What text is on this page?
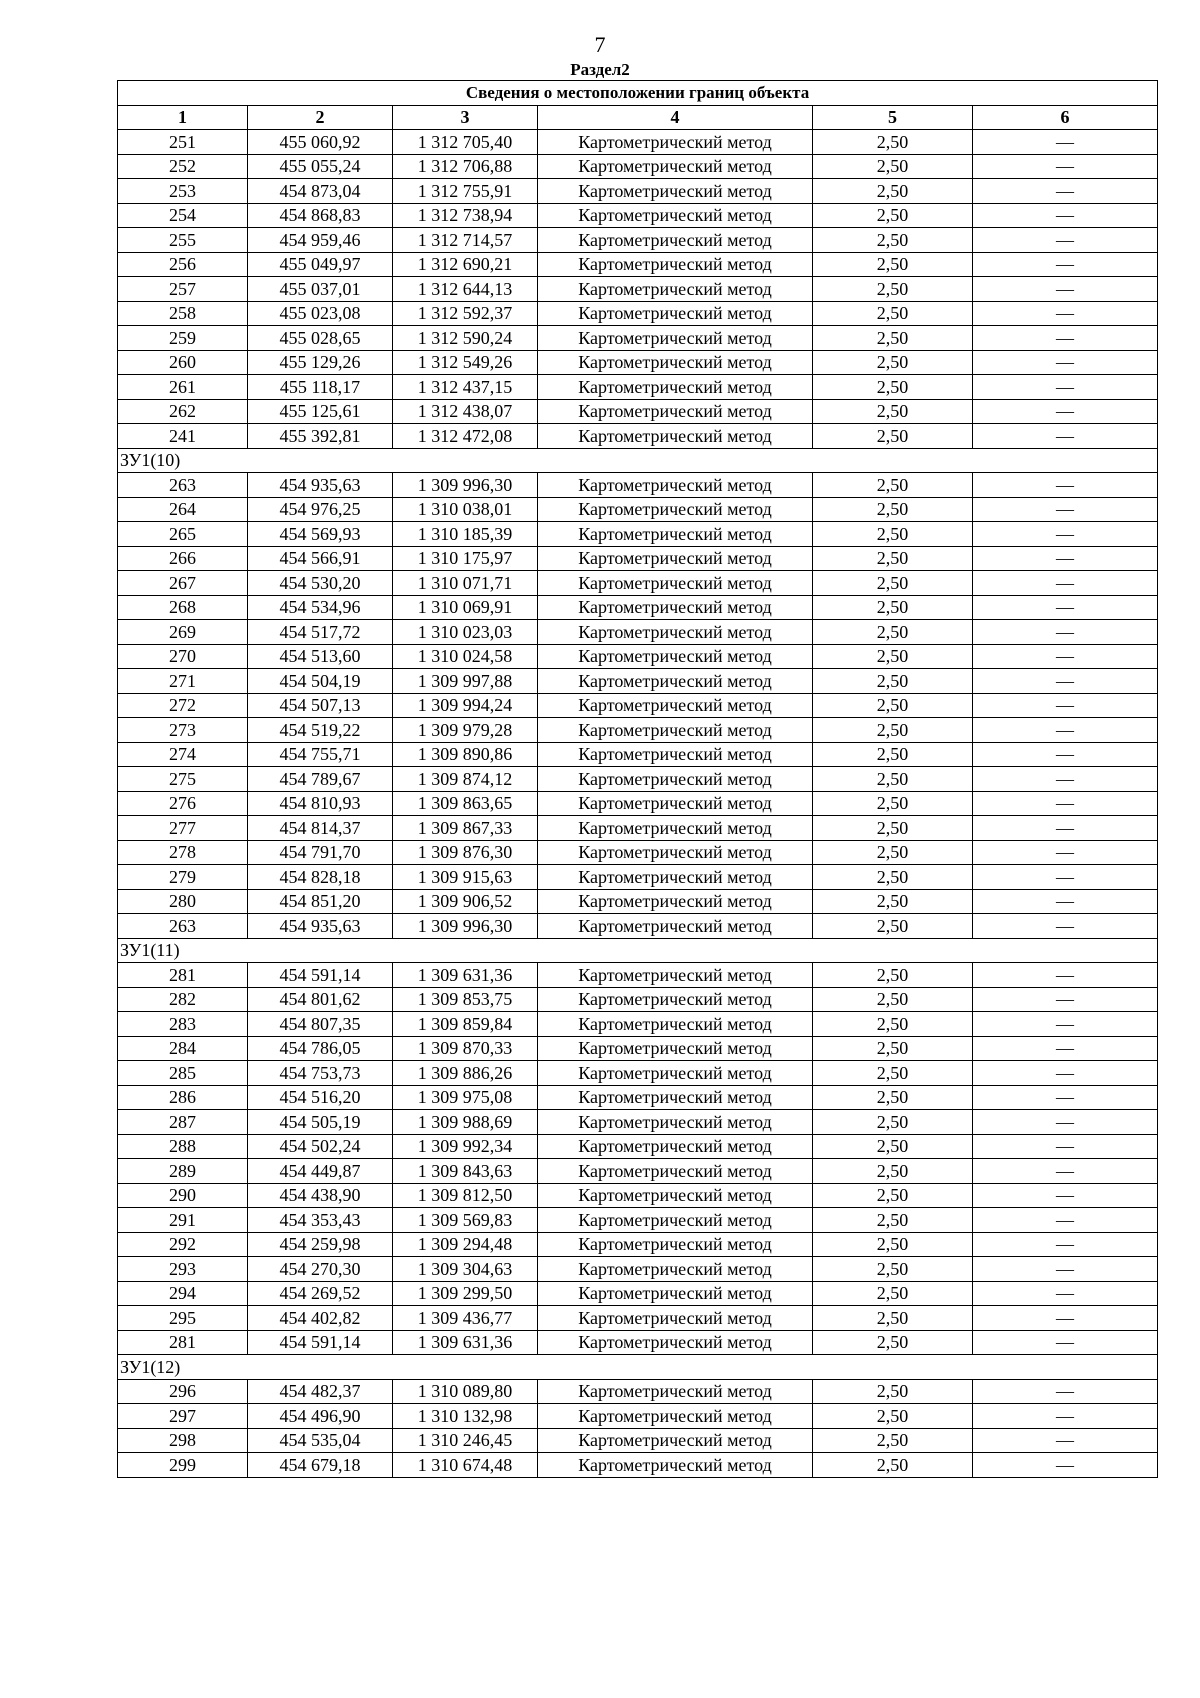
7
Раздел2
Сведения о местоположении границ объекта					
1	2	3	4	5	6
251	455 060,92	1 312 705,40	Картометрический метод	2,50	—
252	455 055,24	1 312 706,88	Картометрический метод	2,50	—
253	454 873,04	1 312 755,91	Картометрический метод	2,50	—
254	454 868,83	1 312 738,94	Картометрический метод	2,50	—
255	454 959,46	1 312 714,57	Картометрический метод	2,50	—
256	455 049,97	1 312 690,21	Картометрический метод	2,50	—
257	455 037,01	1 312 644,13	Картометрический метод	2,50	—
258	455 023,08	1 312 592,37	Картометрический метод	2,50	—
259	455 028,65	1 312 590,24	Картометрический метод	2,50	—
260	455 129,26	1 312 549,26	Картометрический метод	2,50	—
261	455 118,17	1 312 437,15	Картометрический метод	2,50	—
262	455 125,61	1 312 438,07	Картометрический метод	2,50	—
241	455 392,81	1 312 472,08	Картометрический метод	2,50	—
ЗУ1(10)					
263	454 935,63	1 309 996,30	Картометрический метод	2,50	—
264	454 976,25	1 310 038,01	Картометрический метод	2,50	—
265	454 569,93	1 310 185,39	Картометрический метод	2,50	—
266	454 566,91	1 310 175,97	Картометрический метод	2,50	—
267	454 530,20	1 310 071,71	Картометрический метод	2,50	—
268	454 534,96	1 310 069,91	Картометрический метод	2,50	—
269	454 517,72	1 310 023,03	Картометрический метод	2,50	—
270	454 513,60	1 310 024,58	Картометрический метод	2,50	—
271	454 504,19	1 309 997,88	Картометрический метод	2,50	—
272	454 507,13	1 309 994,24	Картометрический метод	2,50	—
273	454 519,22	1 309 979,28	Картометрический метод	2,50	—
274	454 755,71	1 309 890,86	Картометрический метод	2,50	—
275	454 789,67	1 309 874,12	Картометрический метод	2,50	—
276	454 810,93	1 309 863,65	Картометрический метод	2,50	—
277	454 814,37	1 309 867,33	Картометрический метод	2,50	—
278	454 791,70	1 309 876,30	Картометрический метод	2,50	—
279	454 828,18	1 309 915,63	Картометрический метод	2,50	—
280	454 851,20	1 309 906,52	Картометрический метод	2,50	—
263	454 935,63	1 309 996,30	Картометрический метод	2,50	—
ЗУ1(11)					
281	454 591,14	1 309 631,36	Картометрический метод	2,50	—
282	454 801,62	1 309 853,75	Картометрический метод	2,50	—
283	454 807,35	1 309 859,84	Картометрический метод	2,50	—
284	454 786,05	1 309 870,33	Картометрический метод	2,50	—
285	454 753,73	1 309 886,26	Картометрический метод	2,50	—
286	454 516,20	1 309 975,08	Картометрический метод	2,50	—
287	454 505,19	1 309 988,69	Картометрический метод	2,50	—
288	454 502,24	1 309 992,34	Картометрический метод	2,50	—
289	454 449,87	1 309 843,63	Картометрический метод	2,50	—
290	454 438,90	1 309 812,50	Картометрический метод	2,50	—
291	454 353,43	1 309 569,83	Картометрический метод	2,50	—
292	454 259,98	1 309 294,48	Картометрический метод	2,50	—
293	454 270,30	1 309 304,63	Картометрический метод	2,50	—
294	454 269,52	1 309 299,50	Картометрический метод	2,50	—
295	454 402,82	1 309 436,77	Картометрический метод	2,50	—
281	454 591,14	1 309 631,36	Картометрический метод	2,50	—
ЗУ1(12)					
296	454 482,37	1 310 089,80	Картометрический метод	2,50	—
297	454 496,90	1 310 132,98	Картометрический метод	2,50	—
298	454 535,04	1 310 246,45	Картометрический метод	2,50	—
299	454 679,18	1 310 674,48	Картометрический метод	2,50	—
